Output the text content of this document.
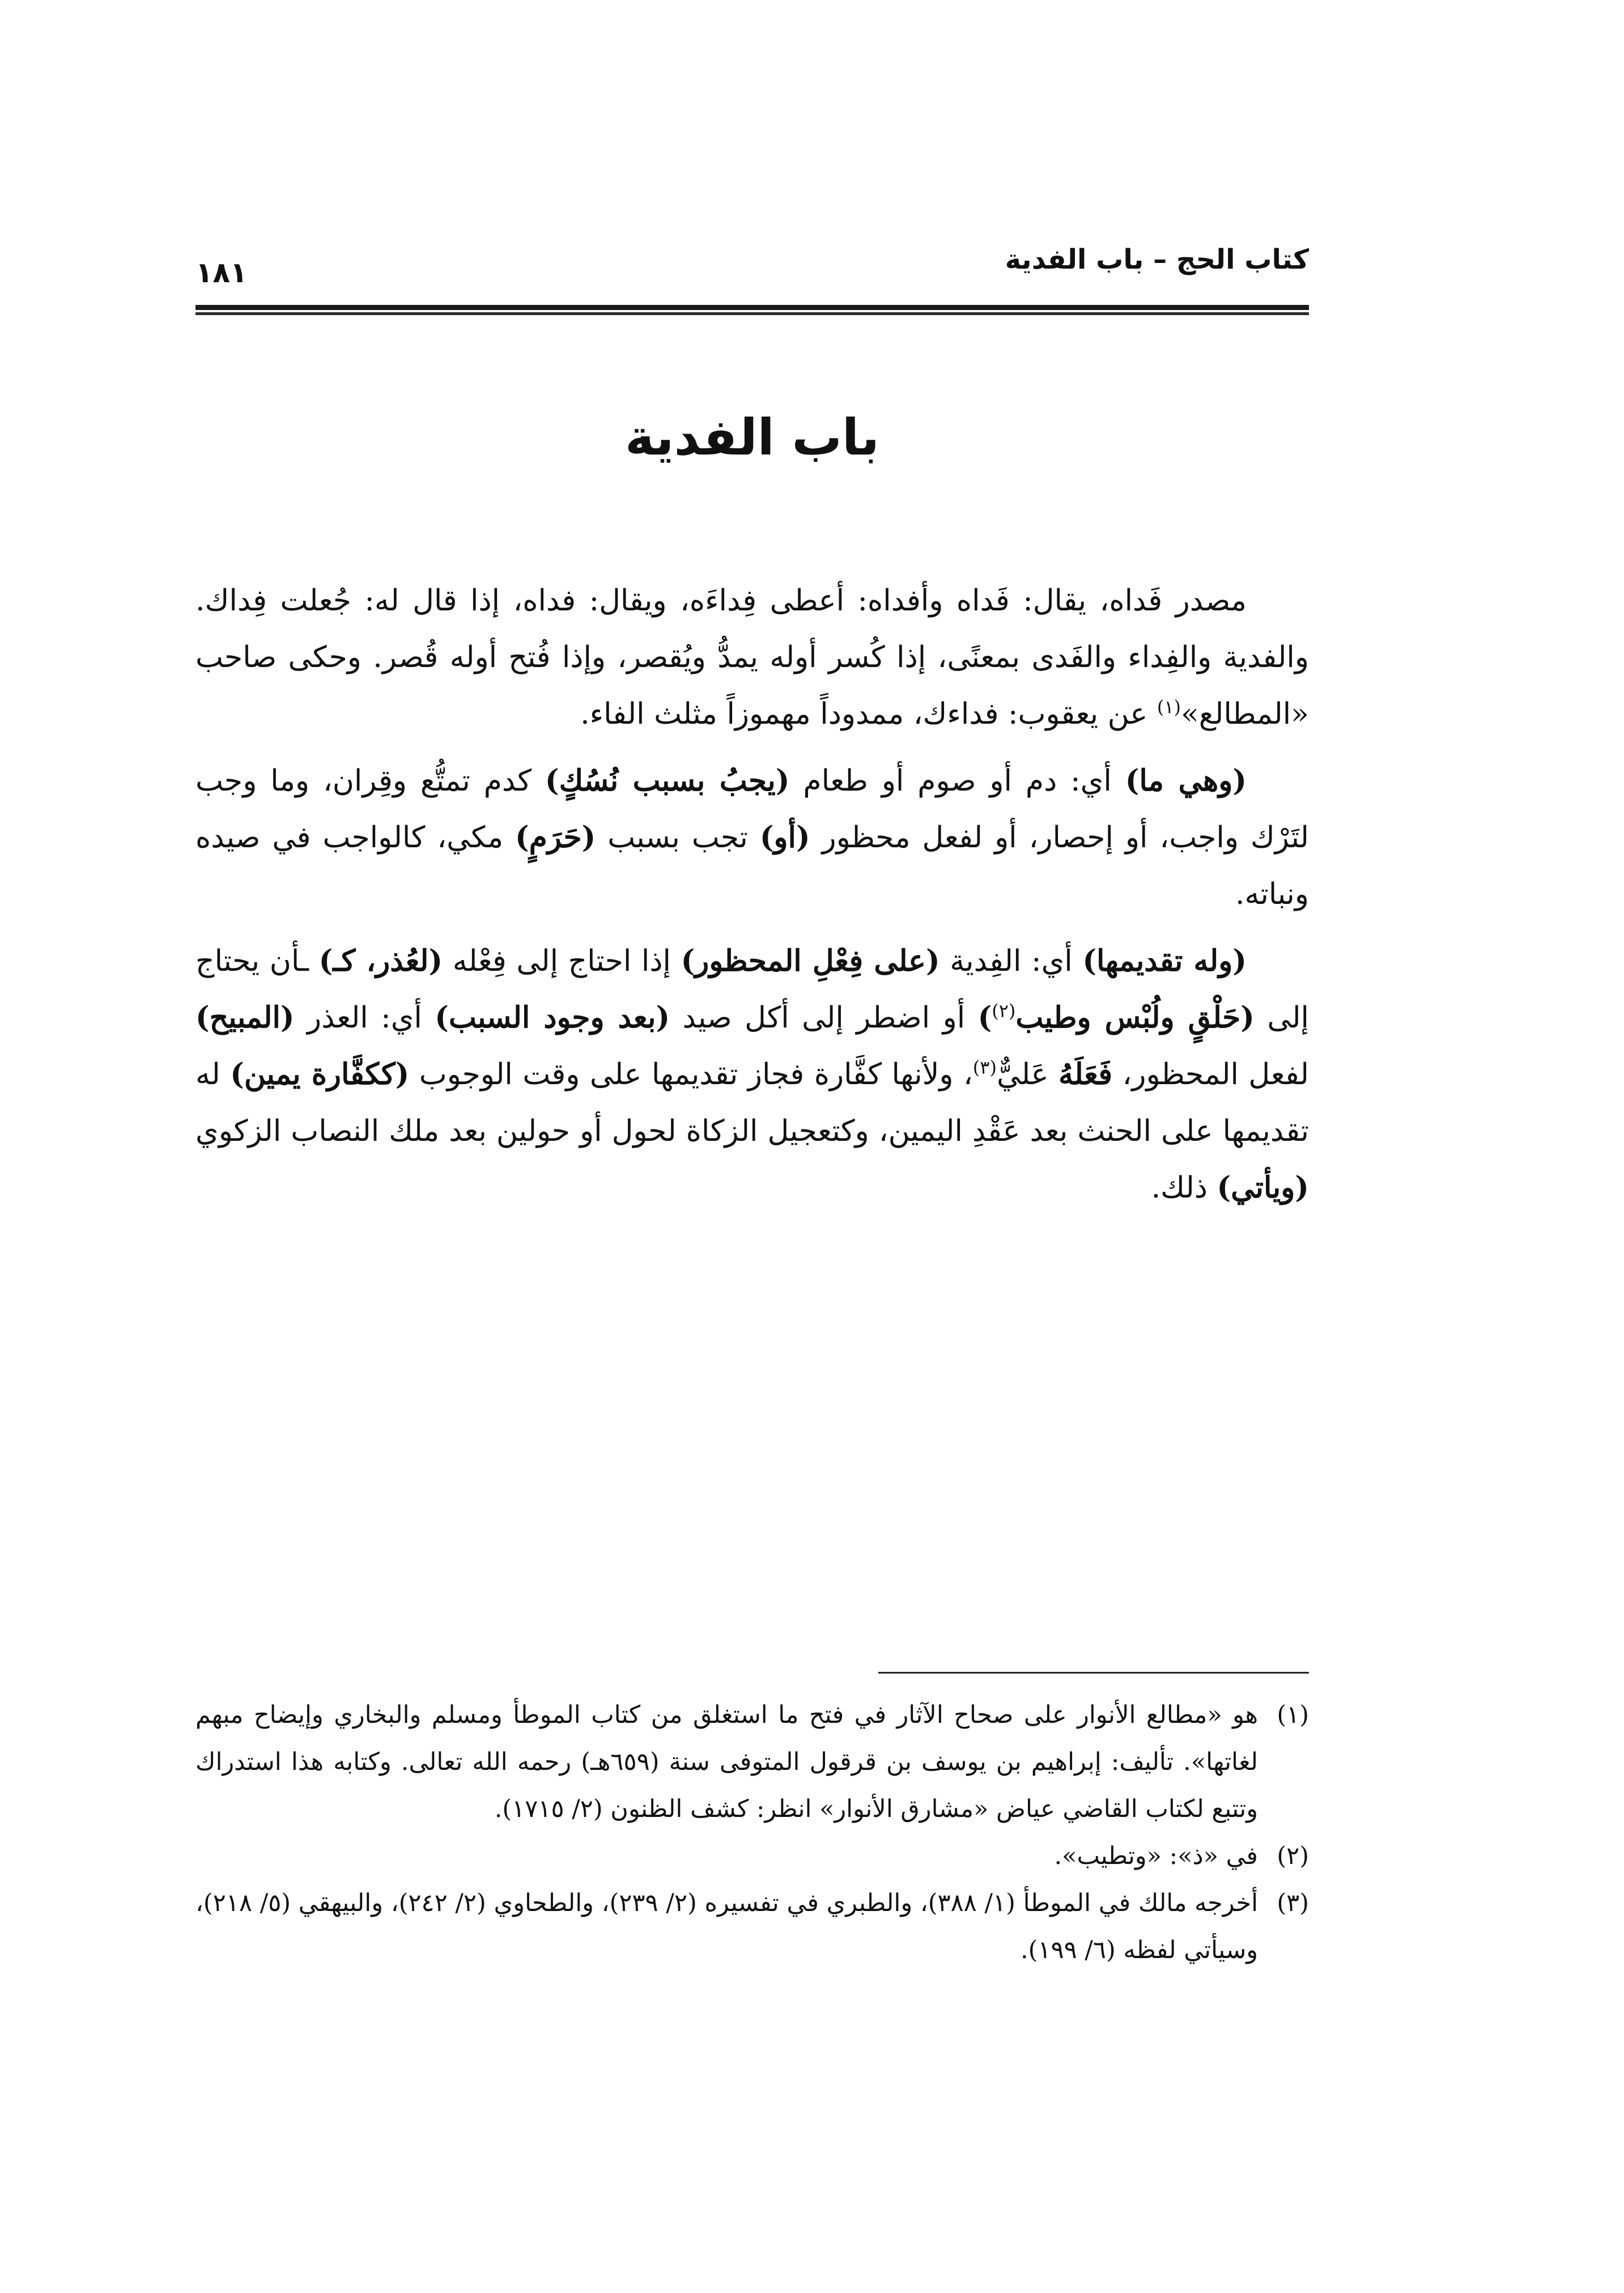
كتاب الحج – باب الفدية
١٨١
باب الفدية

مصدر فَداه، يقال: فَداه وأفداه: أعطى فِداءَه، ويقال: فداه، إذا قال له: جُعلت فِداك. والفدية والفِداء والفَدى بمعنًى، إذا كُسر أوله يمدُّ ويُقصر، وإذا فُتح أوله قُصر. وحكى صاحب «المطالع»$^{(١)}$ عن يعقوب: فداءك، ممدوداً مهموزاً مثلث الفاء.

(وهي ما) أي: دم أو صوم أو طعام (يجبُ بسبب نُسُكٍ) كدم تمتُّع وقِران، وما وجب لتَرْك واجب، أو إحصار، أو لفعل محظور (أو) تجب بسبب (حَرَمٍ) مكي، كالواجب في صيده ونباته.

(وله تقديمها) أي: الفِدية (على فِعْلِ المحظور) إذا احتاج إلى فِعْله (لعُذر، كـ) ـأن يحتاج إلى (حَلْقٍ ولُبْس وطيب$^{(٢)}$) أو اضطر إلى أكل صيد (بعد وجود السبب) أي: العذر (المبيح) لفعل المحظور، فَعَلَهُ عَليٌّ$^{(٣)}$، ولأنها كفَّارة فجاز تقديمها على وقت الوجوب (ككفَّارة يمين) له تقديمها على الحنث بعد عَقْدِ اليمين، وكتعجيل الزكاة لحول أو حولين بعد ملك النصاب الزكوي (ويأتي) ذلك.

(١)
هو «مطالع الأنوار على صحاح الآثار في فتح ما استغلق من كتاب الموطأ ومسلم والبخاري وإيضاح مبهم لغاتها». تأليف: إبراهيم بن يوسف بن قرقول المتوفى سنة (٦٥٩هـ) رحمه الله تعالى. وكتابه هذا استدراك وتتبع لكتاب القاضي عياض «مشارق الأنوار» انظر: كشف الظنون (٢/ ١٧١٥).
(٢)
في «ذ»: «وتطيب».
(٣)
أخرجه مالك في الموطأ (١/ ٣٨٨)، والطبري في تفسيره (٢/ ٢٣٩)، والطحاوي (٢/ ٢٤٢)، والبيهقي (٥/ ٢١٨)، وسيأتي لفظه (٦/ ١٩٩).
